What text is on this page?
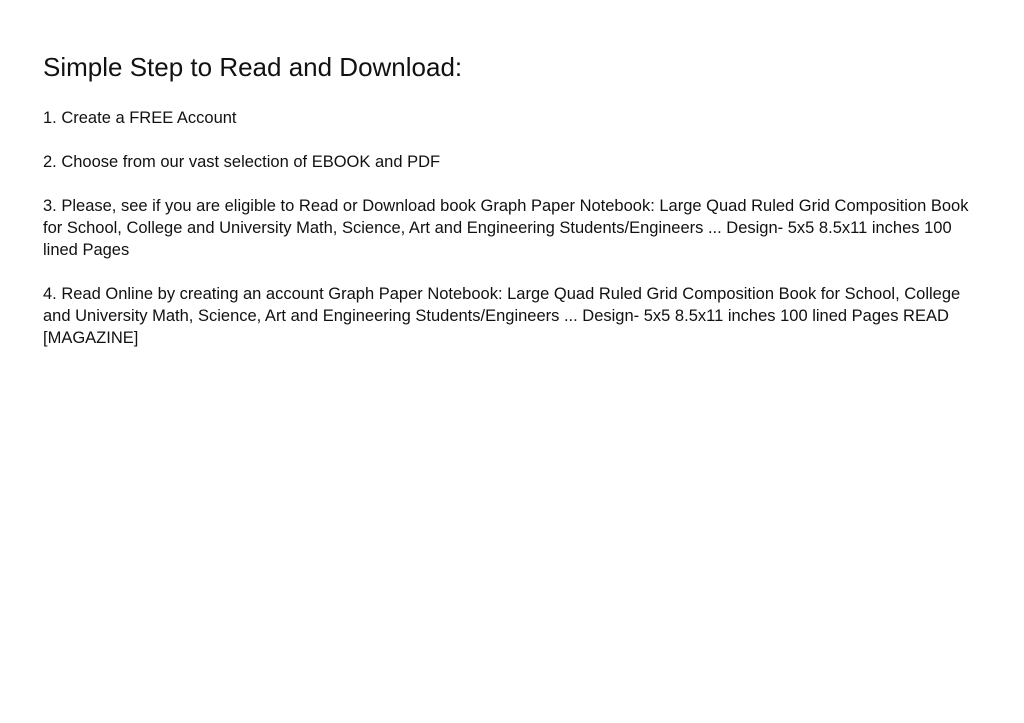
Simple Step to Read and Download:

1. Create a FREE Account

2. Choose from our vast selection of EBOOK and PDF

3. Please, see if you are eligible to Read or Download book Graph Paper Notebook: Large Quad Ruled Grid Composition Book for School, College and University Math, Science, Art and Engineering Students/Engineers ... Design- 5x5 8.5x11 inches 100 lined Pages

4. Read Online by creating an account Graph Paper Notebook: Large Quad Ruled Grid Composition Book for School, College and University Math, Science, Art and Engineering Students/Engineers ... Design- 5x5 8.5x11 inches 100 lined Pages READ [MAGAZINE]
